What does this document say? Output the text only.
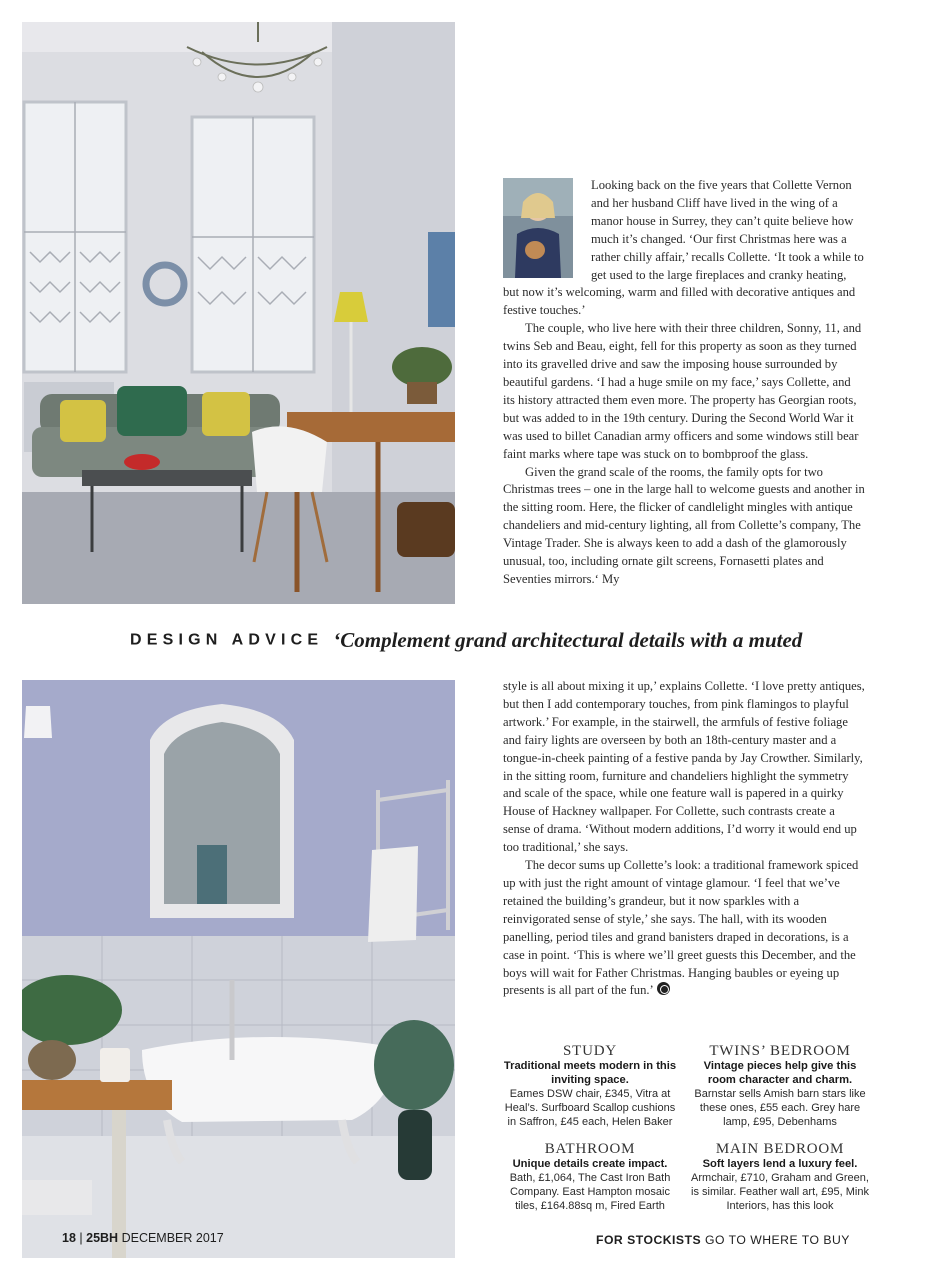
Looking back on the five years that Collette Vernon and her husband Cliff have lived in the wing of a manor house in Surrey, they can’t quite believe how much it’s changed. ‘Our first Christmas here was a rather chilly affair,’ recalls Collette. ‘It took a while to get used to the large fireplaces and cranky heating, but now it’s welcoming, warm and filled with decorative antiques and festive touches.’

The couple, who live here with their three children, Sonny, 11, and twins Seb and Beau, eight, fell for this property as soon as they turned into its gravelled drive and saw the imposing house surrounded by beautiful gardens. ‘I had a huge smile on my face,’ says Collette, and its history attracted them even more. The property has Georgian roots, but was added to in the 19th century. During the Second World War it was used to billet Canadian army officers and some windows still bear faint marks where tape was stuck on to bombproof the glass.

Given the grand scale of the rooms, the family opts for two Christmas trees – one in the large hall to welcome guests and another in the sitting room. Here, the flicker of candlelight mingles with antique chandeliers and mid-century lighting, all from Collette’s company, The Vintage Trader. She is always keen to add a dash of the glamorously unusual, too, including ornate gilt screens, Fornasetti plates and Seventies mirrors.‘ My

DESIGN ADVICE ‘Complement grand architectural details with a muted

style is all about mixing it up,’ explains Collette. ‘I love pretty antiques, but then I add contemporary touches, from pink flamingos to playful artwork.’ For example, in the stairwell, the armfuls of festive foliage and fairy lights are overseen by both an 18th-century master and a tongue-in-cheek painting of a festive panda by Jay Crowther. Similarly, in the sitting room, furniture and chandeliers highlight the symmetry and scale of the space, while one feature wall is papered in a quirky House of Hackney wallpaper. For Collette, such contrasts create a sense of drama. ‘Without modern additions, I’d worry it would end up too traditional,’ she says.

The decor sums up Collette’s look: a traditional framework spiced up with just the right amount of vintage glamour. ‘I feel that we’ve retained the building’s grandeur, but it now sparkles with a reinvigorated sense of style,’ she says. The hall, with its wooden panelling, period tiles and grand banisters draped in decorations, is a case in point. ‘This is where we’ll greet guests this December, and the boys will wait for Father Christmas. Hanging baubles or eyeing up presents is all part of the fun.’

STUDY
Traditional meets modern in this inviting space.
Eames DSW chair, £345, Vitra at Heal’s. Surfboard Scallop cushions in Saffron, £45 each, Helen Baker
TWINS’ BEDROOM
Vintage pieces help give this room character and charm.
Barnstar sells Amish barn stars like these ones, £55 each. Grey hare lamp, £95, Debenhams
BATHROOM
Unique details create impact.
Bath, £1,064, The Cast Iron Bath Company. East Hampton mosaic tiles, £164.88sq m, Fired Earth
MAIN BEDROOM
Soft layers lend a luxury feel.
Armchair, £710, Graham and Green, is similar. Feather wall art, £95, Mink Interiors, has this look
18 | 25BH DECEMBER 2017	FOR STOCKISTS GO TO WHERE TO BUY
